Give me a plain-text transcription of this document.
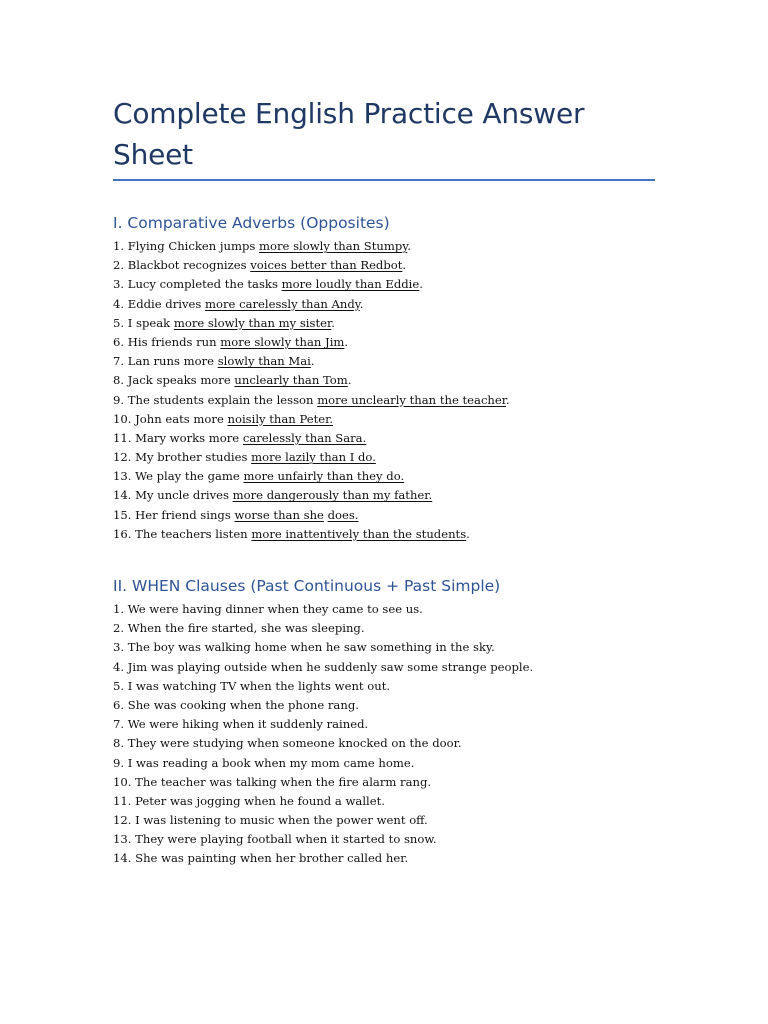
Complete English Practice Answer Sheet
I. Comparative Adverbs (Opposites)
1. Flying Chicken jumps more slowly than Stumpy.
2. Blackbot recognizes voices better than Redbot.
3. Lucy completed the tasks more loudly than Eddie.
4. Eddie drives more carelessly than Andy.
5. I speak more slowly than my sister.
6. His friends run more slowly than Jim.
7. Lan runs more slowly than Mai.
8. Jack speaks more unclearly than Tom.
9. The students explain the lesson more unclearly than the teacher.
10. John eats more noisily than Peter.
11. Mary works more carelessly than Sara.
12. My brother studies more lazily than I do.
13. We play the game more unfairly than they do.
14. My uncle drives more dangerously than my father.
15. Her friend sings worse than she does.
16. The teachers listen more inattentively than the students.
II. WHEN Clauses (Past Continuous + Past Simple)
1. We were having dinner when they came to see us.
2. When the fire started, she was sleeping.
3. The boy was walking home when he saw something in the sky.
4. Jim was playing outside when he suddenly saw some strange people.
5. I was watching TV when the lights went out.
6. She was cooking when the phone rang.
7. We were hiking when it suddenly rained.
8. They were studying when someone knocked on the door.
9. I was reading a book when my mom came home.
10. The teacher was talking when the fire alarm rang.
11. Peter was jogging when he found a wallet.
12. I was listening to music when the power went off.
13. They were playing football when it started to snow.
14. She was painting when her brother called her.
